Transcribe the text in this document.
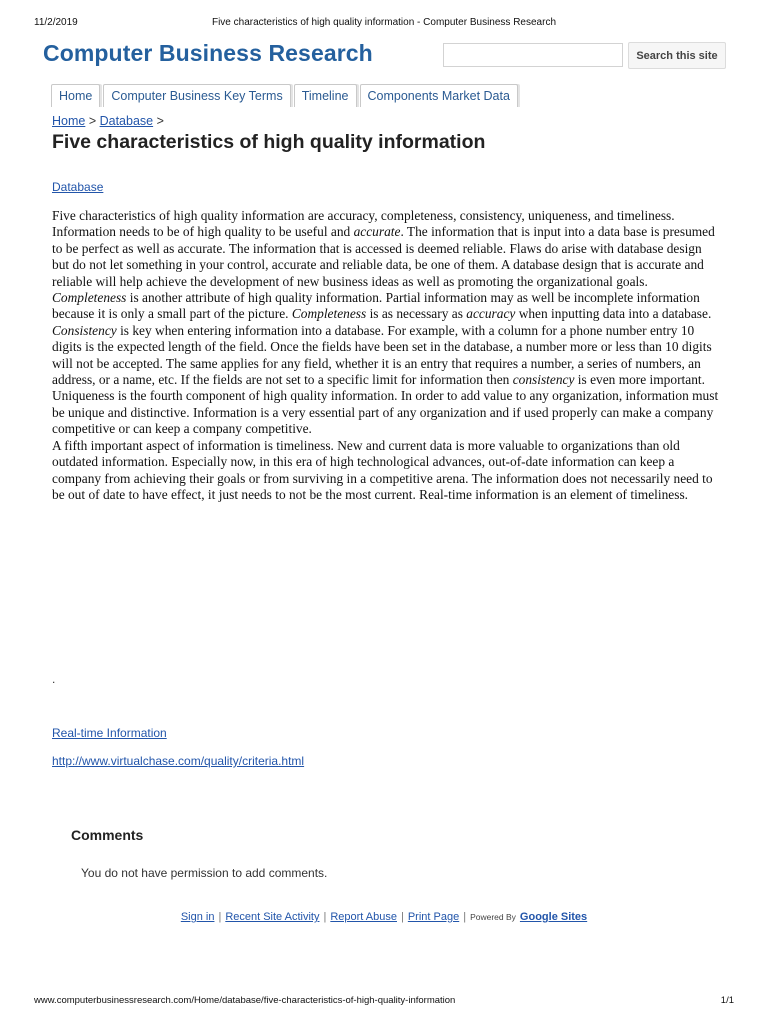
11/2/2019	Five characteristics of high quality information - Computer Business Research
Computer Business Research	Search this site
Home Computer Business Key Terms Timeline Components Market Data
Home > Database >
Five characteristics of high quality information
Database

Five characteristics of high quality information are accuracy, completeness, consistency, uniqueness, and timeliness.

Information needs to be of high quality to be useful and accurate. The information that is input into a data base is presumed to be perfect as well as accurate. The information that is accessed is deemed reliable. Flaws do arise with database design but do not let something in your control, accurate and reliable data, be one of them. A database design that is accurate and reliable will help achieve the development of new business ideas as well as promoting the organizational goals.

Completeness is another attribute of high quality information. Partial information may as well be incomplete information because it is only a small part of the picture. Completeness is as necessary as accuracy when inputting data into a database.

Consistency is key when entering information into a database. For example, with a column for a phone number entry 10 digits is the expected length of the field. Once the fields have been set in the database, a number more or less than 10 digits will not be accepted. The same applies for any field, whether it is an entry that requires a number, a series of numbers, an address, or a name, etc. If the fields are not set to a specific limit for information then consistency is even more important.

Uniqueness is the fourth component of high quality information. In order to add value to any organization, information must be unique and distinctive. Information is a very essential part of any organization and if used properly can make a company competitive or can keep a company competitive.

A fifth important aspect of information is timeliness. New and current data is more valuable to organizations than old outdated information. Especially now, in this era of high technological advances, out-of-date information can keep a company from achieving their goals or from surviving in a competitive arena. The information does not necessarily need to be out of date to have effect, it just needs to not be the most current. Real-time information is an element of timeliness.

.
Real-time Information
http://www.virtualchase.com/quality/criteria.html
Comments
You do not have permission to add comments.
Sign in | Recent Site Activity | Report Abuse | Print Page | Powered By Google Sites
www.computerbusinessresearch.com/Home/database/five-characteristics-of-high-quality-information	1/1
